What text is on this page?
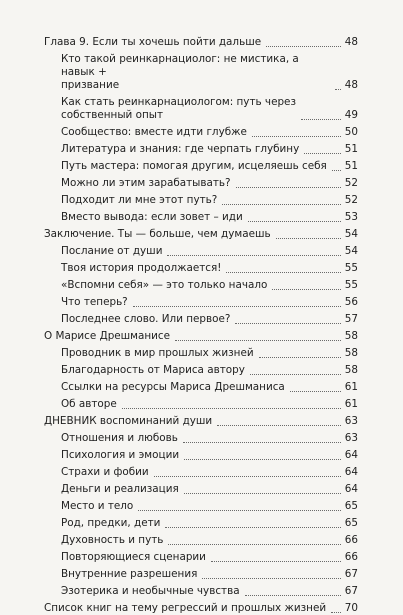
Глава 9. Если ты хочешь пойти дальше	48
Кто такой реинкарнациолог: не мистика, а навык +
призвание	48
Как стать реинкарнациологом: путь через
собственный опыт	49
Сообщество: вместе идти глубже	50
Литература и знания: где черпать глубину	51
Путь мастера: помогая другим, исцеляешь себя 51
Можно ли этим зарабатывать?	52
Подходит ли мне этот путь?	52
Вместо вывода: если зовет – иди	53
Заключение. Ты — больше, чем думаешь	54
Послание от души	54
Твоя история продолжается!	55
«Вспомни себя» — это только начало	55
Что теперь?	56
Последнее слово. Или первое?	57
О Марисе Дрешманисе	58
Проводник в мир прошлых жизней	58
Благодарность от Мариса автору	58
Ссылки на ресурсы Мариса Дрешманиса	61
Об авторе	61
ДНЕВНИК воспоминаний души	63
Отношения и любовь	63
Психология и эмоции	64
Страхи и фобии	64
Деньги и реализация	64
Место и тело	65
Род, предки, дети	65
Духовность и путь	66
Повторяющиеся сценарии	66
Внутренние разрешения	67
Эзотерика и необычные чувства	67
Список книг на тему регрессий и прошлых жизней 70
